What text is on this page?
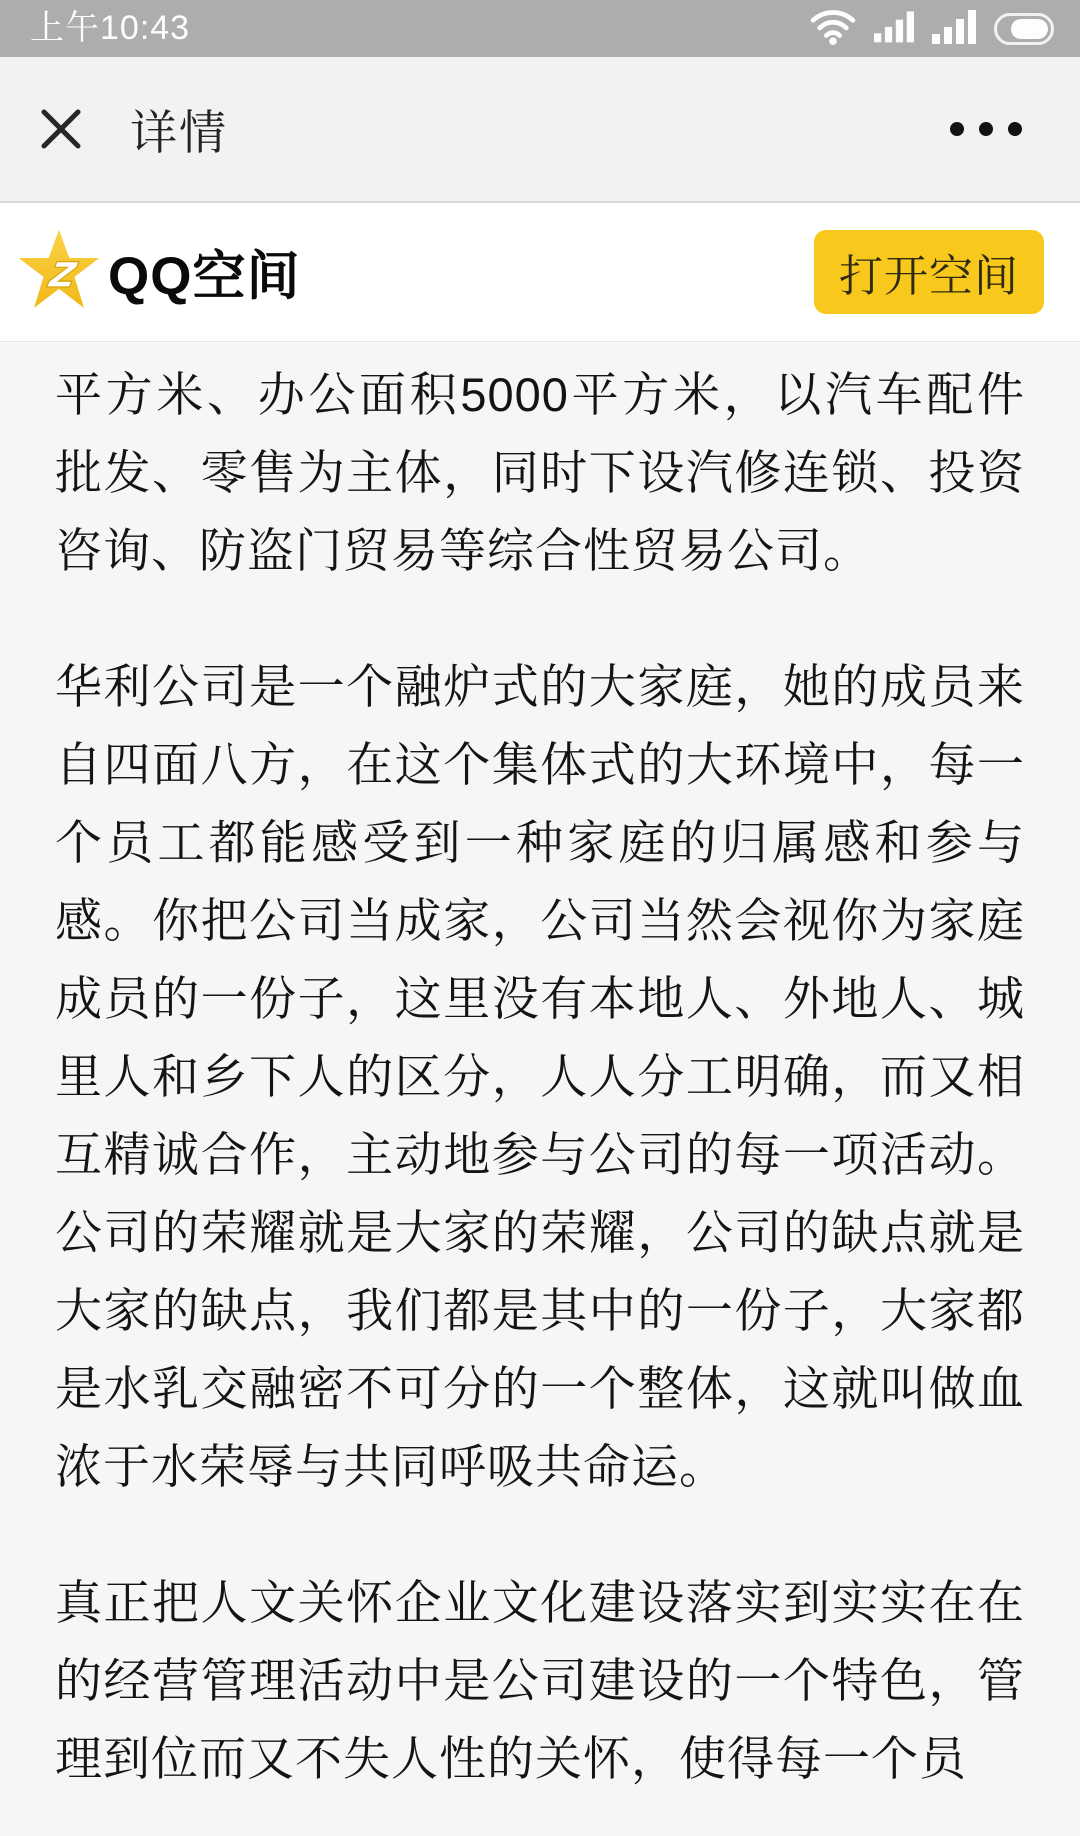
上午10:43
详情
z QQ空间	打开空间

平方米、办公面积5000平方米，以汽车配件批发、零售为主体，同时下设汽修连锁、投资咨询、防盗门贸易等综合性贸易公司。

华利公司是一个融炉式的大家庭，她的成员来自四面八方，在这个集体式的大环境中，每一个员工都能感受到一种家庭的归属感和参与感。你把公司当成家，公司当然会视你为家庭成员的一份子，这里没有本地人、外地人、城里人和乡下人的区分，人人分工明确，而又相互精诚合作，主动地参与公司的每一项活动。公司的荣耀就是大家的荣耀，公司的缺点就是大家的缺点，我们都是其中的一份子，大家都是水乳交融密不可分的一个整体，这就叫做血浓于水荣辱与共同呼吸共命运。

真正把人文关怀企业文化建设落实到实实在在的经营管理活动中是公司建设的一个特色，管理到位而又不失人性的关怀，使得每一个员
